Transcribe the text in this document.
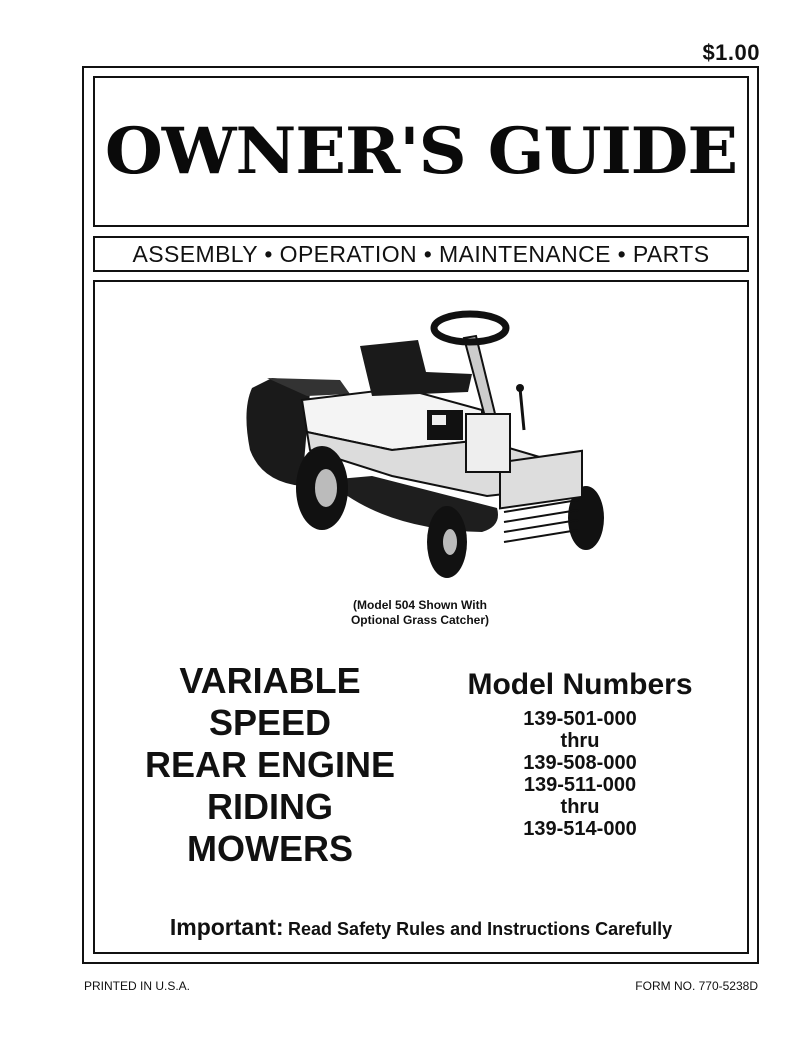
$1.00
OWNER'S GUIDE
ASSEMBLY • OPERATION • MAINTENANCE • PARTS
(Model 504 Shown With
Optional Grass Catcher)
VARIABLE
SPEED
REAR ENGINE
RIDING
MOWERS
Model Numbers
139-501-000
thru
139-508-000
139-511-000
thru
139-514-000
Important: Read Safety Rules and Instructions Carefully
PRINTED IN U.S.A.	FORM NO. 770-5238D
